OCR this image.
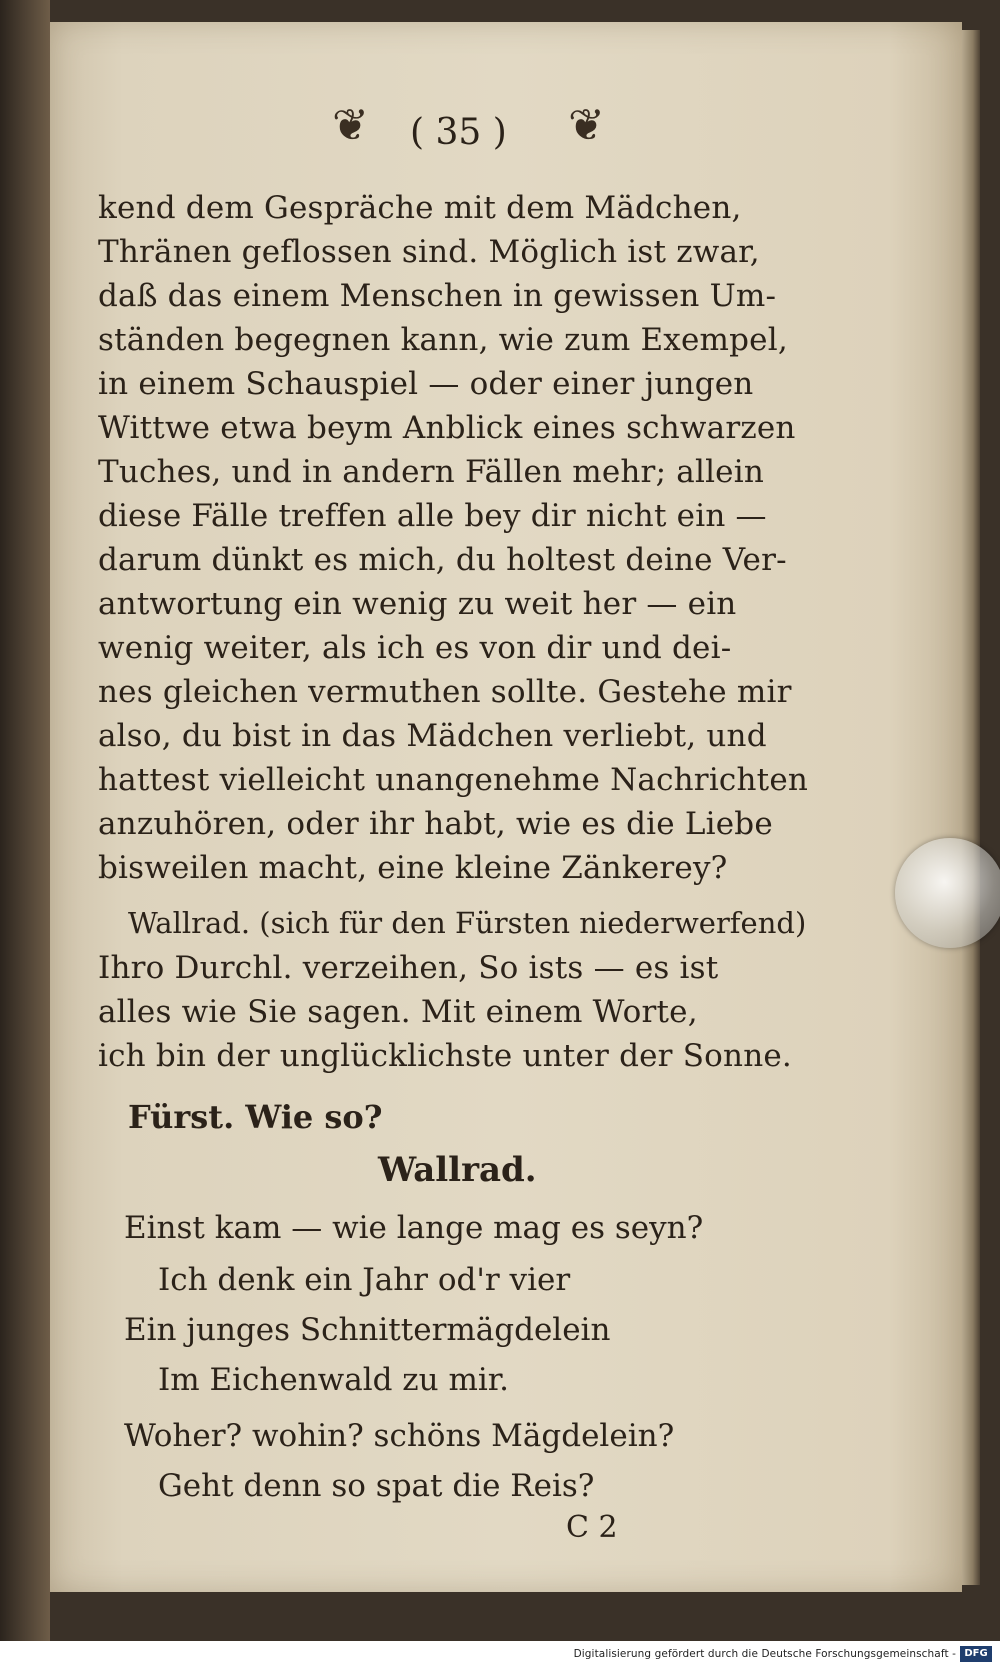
❦ ( 35 ) ❦
kend dem Gespräche mit dem Mädchen,
Thränen geflossen sind. Möglich ist zwar,
daß das einem Menschen in gewissen Um-
ständen begegnen kann, wie zum Exempel,
in einem Schauspiel — oder einer jungen
Wittwe etwa beym Anblick eines schwarzen
Tuches, und in andern Fällen mehr; allein
diese Fälle treffen alle bey dir nicht ein —
darum dünkt es mich, du holtest deine Ver-
antwortung ein wenig zu weit her — ein
wenig weiter, als ich es von dir und dei-
nes gleichen vermuthen sollte. Gestehe mir
also, du bist in das Mädchen verliebt, und
hattest vielleicht unangenehme Nachrichten
anzuhören, oder ihr habt, wie es die Liebe
bisweilen macht, eine kleine Zänkerey?
Wallrad. (sich für den Fürsten niederwerfend)
Ihro Durchl. verzeihen, So ists — es ist
alles wie Sie sagen. Mit einem Worte,
ich bin der unglücklichste unter der Sonne.
Fürst. Wie so?
Wallrad.
Einst kam — wie lange mag es seyn?
Ich denk ein Jahr od'r vier
Ein junges Schnittermägdelein
Im Eichenwald zu mir.
Woher? wohin? schöns Mägdelein?
Geht denn so spat die Reis?
C 2
Digitalisierung gefördert durch die Deutsche Forschungsgemeinschaft - DFG
